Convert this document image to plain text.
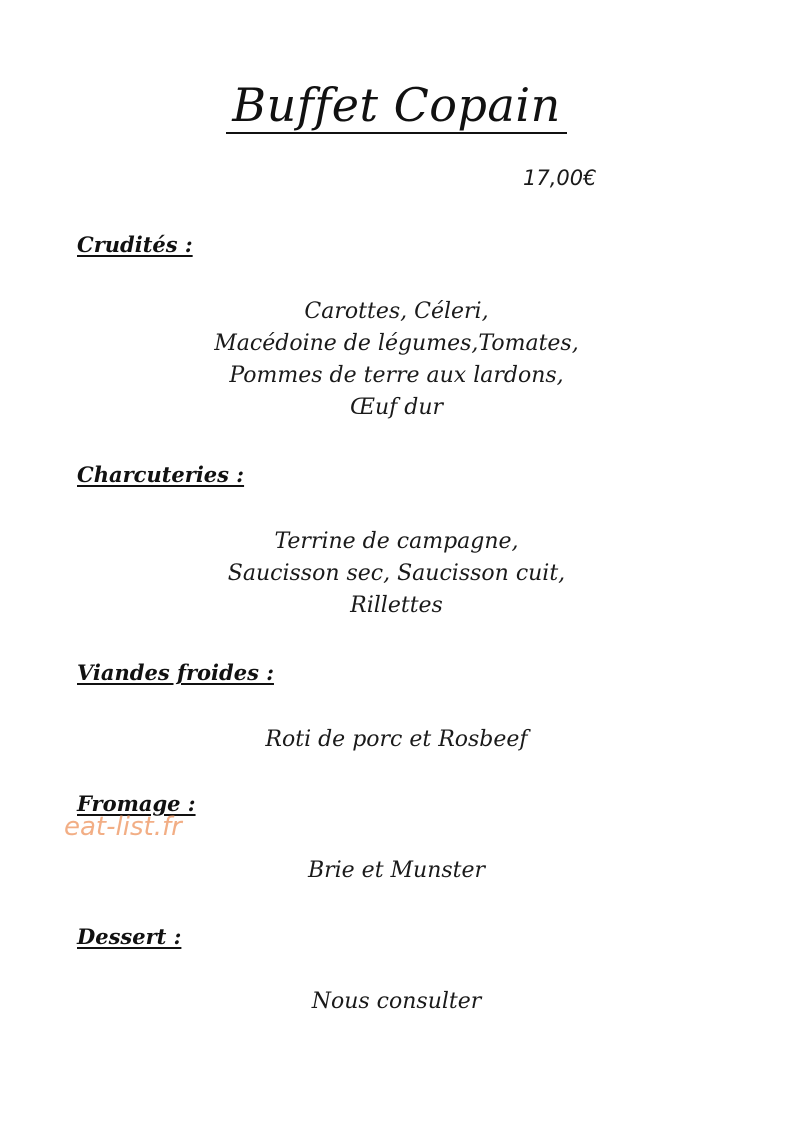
Buffet Copain
17,00€
Crudités :
Carottes, Céleri,
Macédoine de légumes,Tomates,
Pommes de terre aux lardons,
Œuf dur
Charcuteries :
Terrine de campagne,
Saucisson sec, Saucisson cuit,
Rillettes
Viandes froides :
Roti de porc et Rosbeef
Fromage :
eat-list.fr
Brie et Munster
Dessert :
Nous consulter
